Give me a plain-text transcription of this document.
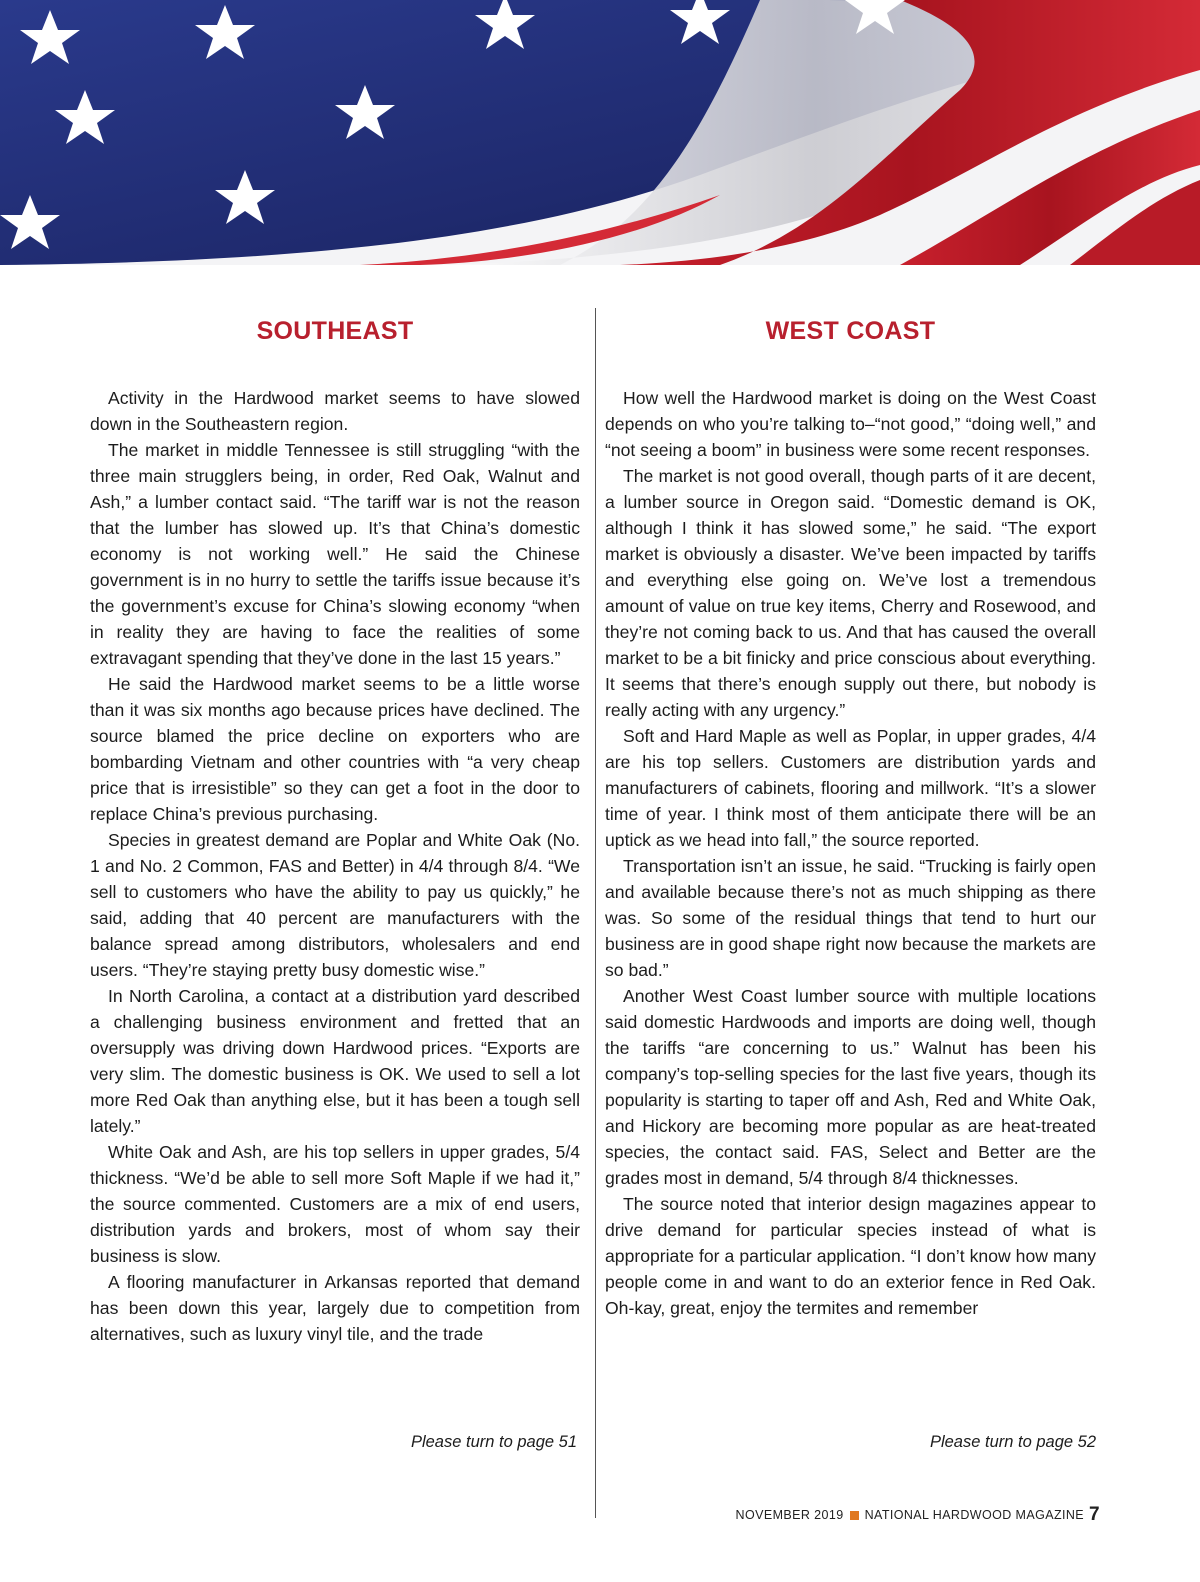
SOUTHEAST

Activity in the Hardwood market seems to have slowed down in the Southeastern region.

The market in middle Tennessee is still struggling “with the three main strugglers being, in order, Red Oak, Walnut and Ash,” a lumber contact said. “The tariff war is not the reason that the lumber has slowed up. It’s that China’s domestic economy is not working well.” He said the Chinese government is in no hurry to settle the tariffs issue because it’s the government’s excuse for China’s slowing economy “when in reality they are having to face the realities of some extravagant spending that they’ve done in the last 15 years.”

He said the Hardwood market seems to be a little worse than it was six months ago because prices have declined. The source blamed the price decline on exporters who are bombarding Vietnam and other countries with “a very cheap price that is irresistible” so they can get a foot in the door to replace China’s previous purchasing.

Species in greatest demand are Poplar and White Oak (No. 1 and No. 2 Common, FAS and Better) in 4/4 through 8/4. “We sell to customers who have the ability to pay us quickly,” he said, adding that 40 percent are manufacturers with the balance spread among distributors, wholesalers and end users. “They’re staying pretty busy domestic wise.”

In North Carolina, a contact at a distribution yard described a challenging business environment and fretted that an oversupply was driving down Hardwood prices. “Exports are very slim. The domestic business is OK. We used to sell a lot more Red Oak than anything else, but it has been a tough sell lately.”

White Oak and Ash, are his top sellers in upper grades, 5/4 thickness. “We’d be able to sell more Soft Maple if we had it,” the source commented. Customers are a mix of end users, distribution yards and brokers, most of whom say their business is slow.

A flooring manufacturer in Arkansas reported that demand has been down this year, largely due to competition from alternatives, such as luxury vinyl tile, and the trade

WEST COAST

How well the Hardwood market is doing on the West Coast depends on who you’re talking to–“not good,” “doing well,” and “not seeing a boom” in business were some recent responses.

The market is not good overall, though parts of it are decent, a lumber source in Oregon said. “Domestic demand is OK, although I think it has slowed some,” he said. “The export market is obviously a disaster. We’ve been impacted by tariffs and everything else going on. We’ve lost a tremendous amount of value on true key items, Cherry and Rosewood, and they’re not coming back to us. And that has caused the overall market to be a bit finicky and price conscious about everything. It seems that there’s enough supply out there, but nobody is really acting with any urgency.”

Soft and Hard Maple as well as Poplar, in upper grades, 4/4 are his top sellers. Customers are distribution yards and manufacturers of cabinets, flooring and millwork. “It’s a slower time of year. I think most of them anticipate there will be an uptick as we head into fall,” the source reported.

Transportation isn’t an issue, he said. “Trucking is fairly open and available because there’s not as much shipping as there was. So some of the residual things that tend to hurt our business are in good shape right now because the markets are so bad.”

Another West Coast lumber source with multiple locations said domestic Hardwoods and imports are doing well, though the tariffs “are concerning to us.” Walnut has been his company’s top-selling species for the last five years, though its popularity is starting to taper off and Ash, Red and White Oak, and Hickory are becoming more popular as are heat-treated species, the contact said. FAS, Select and Better are the grades most in demand, 5/4 through 8/4 thicknesses.

The source noted that interior design magazines appear to drive demand for particular species instead of what is appropriate for a particular application. “I don’t know how many people come in and want to do an exterior fence in Red Oak. Oh-kay, great, enjoy the termites and remember

Please turn to page 51	Please turn to page 52
NOVEMBER 2019 NATIONAL HARDWOOD MAGAZINE 7
